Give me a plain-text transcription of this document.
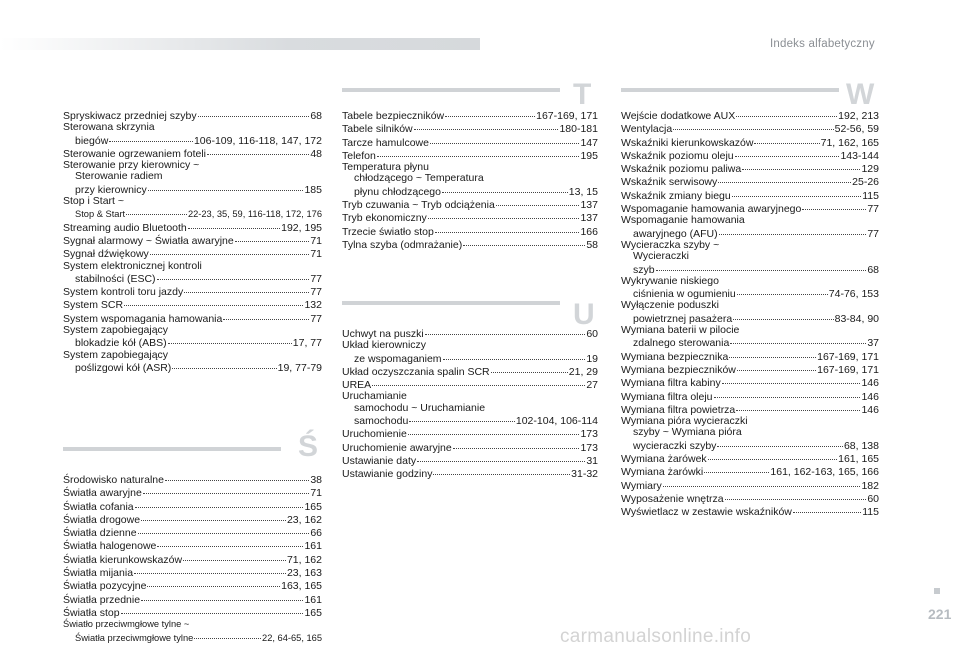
Indeks alfabetyczny
T
U
Ś
W
Spryskiwacz przedniej szyby	68
Sterowana skrzynia
biegów	106-109, 116-118, 147, 172
Sterowanie ogrzewaniem foteli	48
Sterowanie przy kierownicy ~
Sterowanie radiem
przy kierownicy	185
Stop i Start ~
Stop & Start	22-23, 35, 59, 116-118, 172, 176
Streaming audio Bluetooth	192, 195
Sygnał alarmowy ~ Światła awaryjne	71
Sygnał dźwiękowy	71
System elektronicznej kontroli
stabilności (ESC)	77
System kontroli toru jazdy	77
System SCR	132
System wspomagania hamowania	77
System zapobiegający
blokadzie kół (ABS)	17, 77
System zapobiegający
poślizgowi kół (ASR)	19, 77-79
Środowisko naturalne	38
Światła awaryjne	71
Światła cofania	165
Światła drogowe	23, 162
Światła dzienne	66
Światła halogenowe	161
Światła kierunkowskazów	71, 162
Światła mijania	23, 163
Światła pozycyjne	163, 165
Światła przednie	161
Światła stop	165
Światło przeciwmgłowe tylne ~
Światła przeciwmgłowe tylne	22, 64-65, 165
Tabele bezpieczników	167-169, 171
Tabele silników	180-181
Tarcze hamulcowe	147
Telefon	195
Temperatura płynu
chłodzącego ~ Temperatura
płynu chłodzącego	13, 15
Tryb czuwania ~ Tryb odciążenia	137
Tryb ekonomiczny	137
Trzecie światło stop	166
Tylna szyba (odmrażanie)	58
Uchwyt na puszki	60
Układ kierowniczy
ze wspomaganiem	19
Układ oczyszczania spalin SCR	21, 29
UREA	27
Uruchamianie
samochodu ~ Uruchamianie
samochodu	102-104, 106-114
Uruchomienie	173
Uruchomienie awaryjne	173
Ustawianie daty	31
Ustawianie godziny	31-32
Wejście dodatkowe AUX	192, 213
Wentylacja	52-56, 59
Wskaźniki kierunkowskazów	71, 162, 165
Wskaźnik poziomu oleju	143-144
Wskaźnik poziomu paliwa	129
Wskaźnik serwisowy	25-26
Wskaźnik zmiany biegu	115
Wspomaganie hamowania awaryjnego	77
Wspomaganie hamowania
awaryjnego (AFU)	77
Wycieraczka szyby ~
Wycieraczki
szyb	68
Wykrywanie niskiego
ciśnienia w ogumieniu	74-76, 153
Wyłączenie poduszki
powietrznej pasażera	83-84, 90
Wymiana baterii w pilocie
zdalnego sterowania	37
Wymiana bezpiecznika	167-169, 171
Wymiana bezpieczników	167-169, 171
Wymiana filtra kabiny	146
Wymiana filtra oleju	146
Wymiana filtra powietrza	146
Wymiana pióra wycieraczki
szyby ~ Wymiana pióra
wycieraczki szyby	68, 138
Wymiana żarówek	161, 165
Wymiana żarówki	161, 162-163, 165, 166
Wymiary	182
Wyposażenie wnętrza	60
Wyświetlacz w zestawie wskaźników	115
221
carmanualsonline.info
